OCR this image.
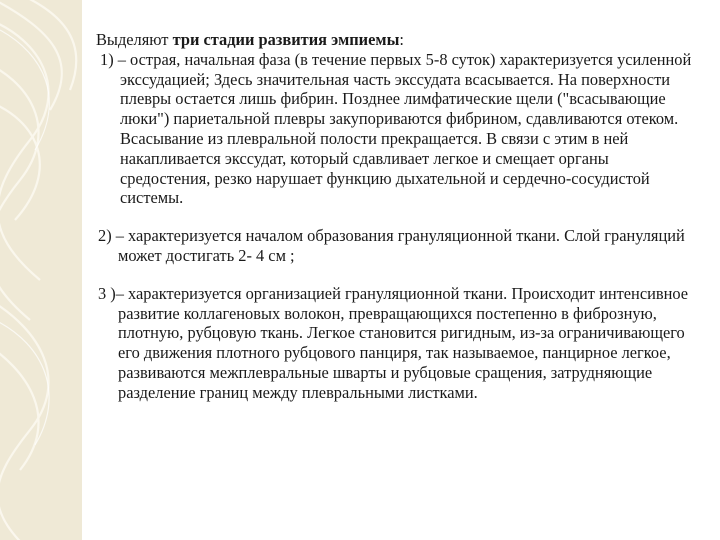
Выделяют три стадии развития эмпиемы:

1) – острая, начальная фаза (в течение первых 5-8 суток) характеризуется усиленной экссудацией; Здесь значительная часть экссудата всасывается. На поверхности плевры остается лишь фибрин. Позднее лимфатические щели ("всасывающие люки") париетальной плевры закупориваются фибрином, сдавливаются отеком. Всасывание из плевральной полости прекращается. В связи с этим в ней накапливается экссудат, который сдавливает легкое и смещает органы средостения, резко нарушает функцию дыхательной и сердечно-сосудистой системы.

2) – характеризуется началом образования грануляционной ткани. Слой грануляций может достигать 2- 4 см ;

3 )– характеризуется организацией грануляционной ткани. Происходит интенсивное развитие коллагеновых волокон, превращающихся постепенно в фиброзную, плотную, рубцовую ткань. Легкое становится ригидным, из-за ограничивающего его движения плотного рубцового панциря, так называемое, панцирное легкое, развиваются межплевральные шварты и рубцовые сращения, затрудняющие разделение границ между плевральными листками.
